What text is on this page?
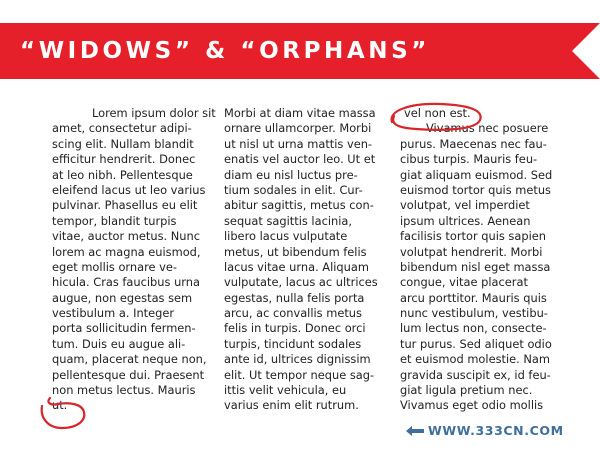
“WIDOWS” & “ORPHANS”
Lorem ipsum dolor sit
amet, consectetur adipi-
scing elit. Nullam blandit
efficitur hendrerit. Donec
at leo nibh. Pellentesque
eleifend lacus ut leo varius
pulvinar. Phasellus eu elit
tempor, blandit turpis
vitae, auctor metus. Nunc
lorem ac magna euismod,
eget mollis ornare ve-
hicula. Cras faucibus urna
augue, non egestas sem
vestibulum a. Integer
porta sollicitudin fermen-
tum. Duis eu augue ali-
quam, placerat neque non,
pellentesque dui. Praesent
non metus lectus. Mauris
ut.
Morbi at diam vitae massa
ornare ullamcorper. Morbi
ut nisl ut urna mattis ven-
enatis vel auctor leo. Ut et
diam eu nisl luctus pre-
tium sodales in elit. Cur-
abitur sagittis, metus con-
sequat sagittis lacinia,
libero lacus vulputate
metus, ut bibendum felis
lacus vitae urna. Aliquam
vulputate, lacus ac ultrices
egestas, nulla felis porta
arcu, ac convallis metus
felis in turpis. Donec orci
turpis, tincidunt sodales
ante id, ultrices dignissim
elit. Ut tempor neque sag-
ittis velit vehicula, eu
varius enim elit rutrum.
vel non est.
Vivamus nec posuere
purus. Maecenas nec fau-
cibus turpis. Mauris feu-
giat aliquam euismod. Sed
euismod tortor quis metus
volutpat, vel imperdiet
ipsum ultrices. Aenean
facilisis tortor quis sapien
volutpat hendrerit. Morbi
bibendum nisl eget massa
congue, vitae placerat
arcu porttitor. Mauris quis
nunc vestibulum, vestibu-
lum lectus non, consecte-
tur purus. Sed aliquet odio
et euismod molestie. Nam
gravida suscipit ex, id feu-
giat ligula pretium nec.
Vivamus eget odio mollis
WWW.333CN.COM
